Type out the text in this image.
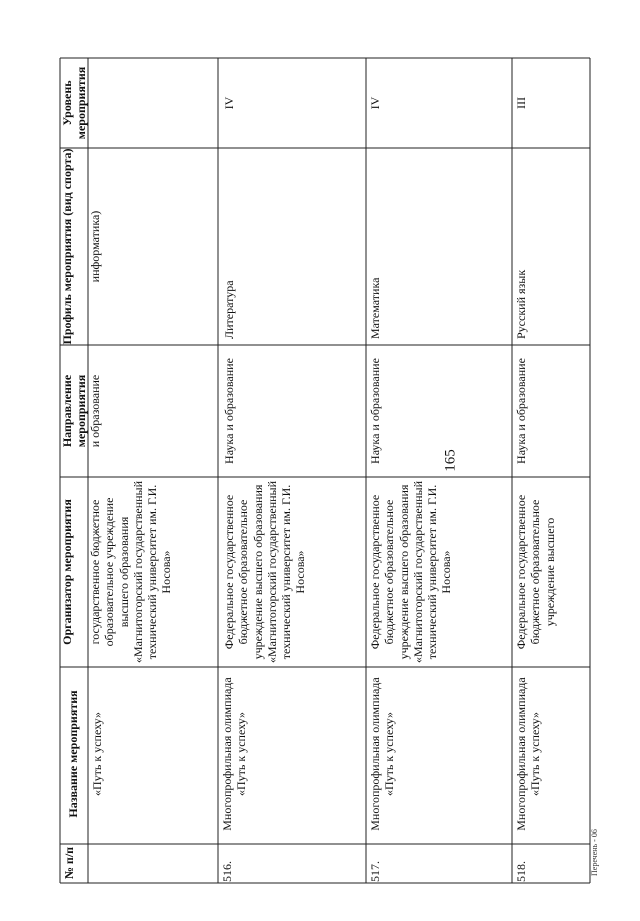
165
Перечень - 06
№ п/п
Название мероприятия
Организатор мероприятия
Направление мероприятия
Профиль мероприятия (вид спорта)
Уровень мероприятия
«Путь к успеху»
государственное бюджетное образовательное учреждение высшего образования «Магнитогорский государственный технический университет им. Г.И. Носова»
и образование
информатика)
516.
Многопрофильная олимпиада «Путь к успеху»
Федеральное государственное бюджетное образовательное учреждение высшего образования «Магнитогорский государственный технический университет им. Г.И. Носова»
Наука и образование
Литература
IV
517.
Многопрофильная олимпиада «Путь к успеху»
Федеральное государственное бюджетное образовательное учреждение высшего образования «Магнитогорский государственный технический университет им. Г.И. Носова»
Наука и образование
Математика
IV
518.
Многопрофильная олимпиада «Путь к успеху»
Федеральное государственное бюджетное образовательное учреждение высшего
Наука и образование
Русский язык
III
